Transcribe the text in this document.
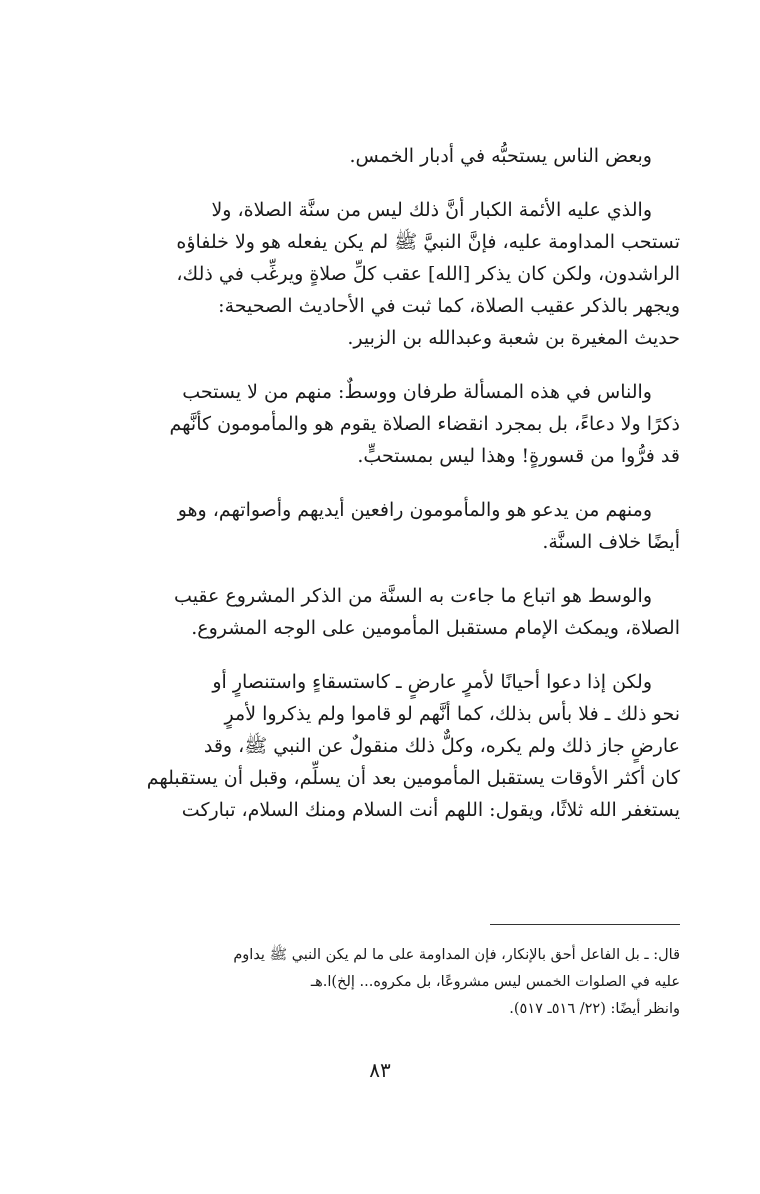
وبعض الناس يستحبُّه في أدبار الخمس.
والذي عليه الأئمة الكبار أنَّ ذلك ليس من سنَّة الصلاة، ولا
تستحب المداومة عليه، فإنَّ النبيَّ ﷺ لم يكن يفعله هو ولا خلفاؤه
الراشدون، ولكن كان يذكر [الله] عقب كلِّ صلاةٍ ويرغِّب في ذلك،
ويجهر بالذكر عقيب الصلاة، كما ثبت في الأحاديث الصحيحة:
حديث المغيرة بن شعبة وعبدالله بن الزبير.
والناس في هذه المسألة طرفان ووسطٌ: منهم من لا يستحب
ذكرًا ولا دعاءً، بل بمجرد انقضاء الصلاة يقوم هو والمأمومون كأنَّهم
قد فرُّوا من قسورةٍ! وهذا ليس بمستحبٍّ.
ومنهم من يدعو هو والمأمومون رافعين أيديهم وأصواتهم، وهو
أيضًا خلاف السنَّة.
والوسط هو اتباع ما جاءت به السنَّة من الذكر المشروع عقيب
الصلاة، ويمكث الإمام مستقبل المأمومين على الوجه المشروع.
ولكن إذا دعوا أحيانًا لأمرٍ عارضٍ ـ كاستسقاءٍ واستنصارٍ أو
نحو ذلك ـ فلا بأس بذلك، كما أنَّهم لو قاموا ولم يذكروا لأمرٍ
عارضٍ جاز ذلك ولم يكره، وكلٌّ ذلك منقولٌ عن النبي ﷺ، وقد
كان أكثر الأوقات يستقبل المأمومين بعد أن يسلِّم، وقبل أن يستقبلهم
يستغفر الله ثلاثًا، ويقول: اللهم أنت السلام ومنك السلام، تباركت
قال: ـ بل الفاعل أحق بالإنكار، فإن المداومة على ما لم يكن النبي ﷺ يداوم
عليه في الصلوات الخمس ليس مشروعًا، بل مكروه... إلخ)ا.هـ
وانظر أيضًا: (٢٢/ ٥١٦ـ ٥١٧).
٨٣
